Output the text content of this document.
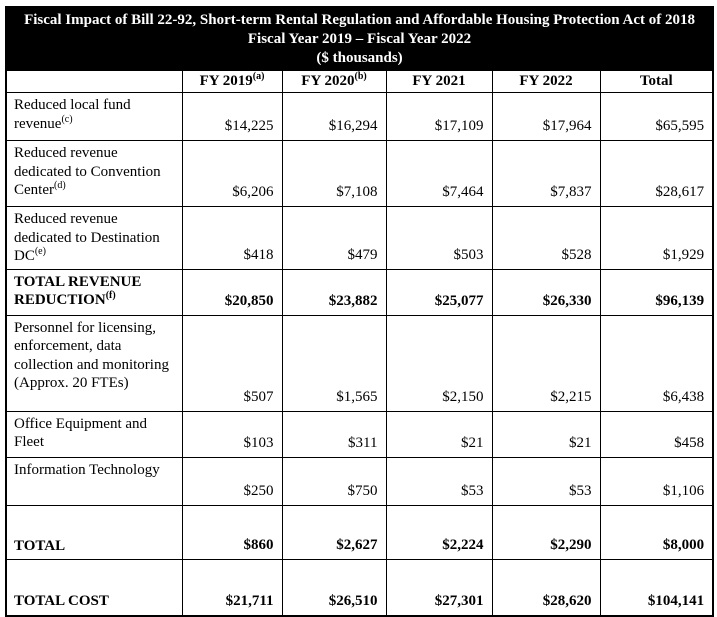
Fiscal Impact of Bill 22-92, Short-term Rental Regulation and Affordable Housing Protection Act of 2018
Fiscal Year 2019 – Fiscal Year 2022
($ thousands)					

	FY 2019$^{(a)}$	FY 2020$^{(b)}$	FY 2021	FY 2022	Total
Reduced local fund revenue$^{(c)}$	$14,225	$16,294	$17,109	$17,964	$65,595
Reduced revenue dedicated to Convention Center$^{(d)}$	$6,206	$7,108	$7,464	$7,837	$28,617
Reduced revenue dedicated to Destination DC$^{(e)}$	$418	$479	$503	$528	$1,929
TOTAL REVENUE REDUCTION$^{(f)}$	$20,850	$23,882	$25,077	$26,330	$96,139
Personnel for licensing, enforcement, data collection and monitoring (Approx. 20 FTEs)	$507	$1,565	$2,150	$2,215	$6,438
Office Equipment and Fleet	$103	$311	$21	$21	$458
Information Technology	$250	$750	$53	$53	$1,106
TOTAL	$860	$2,627	$2,224	$2,290	$8,000
TOTAL COST	$21,711	$26,510	$27,301	$28,620	$104,141
